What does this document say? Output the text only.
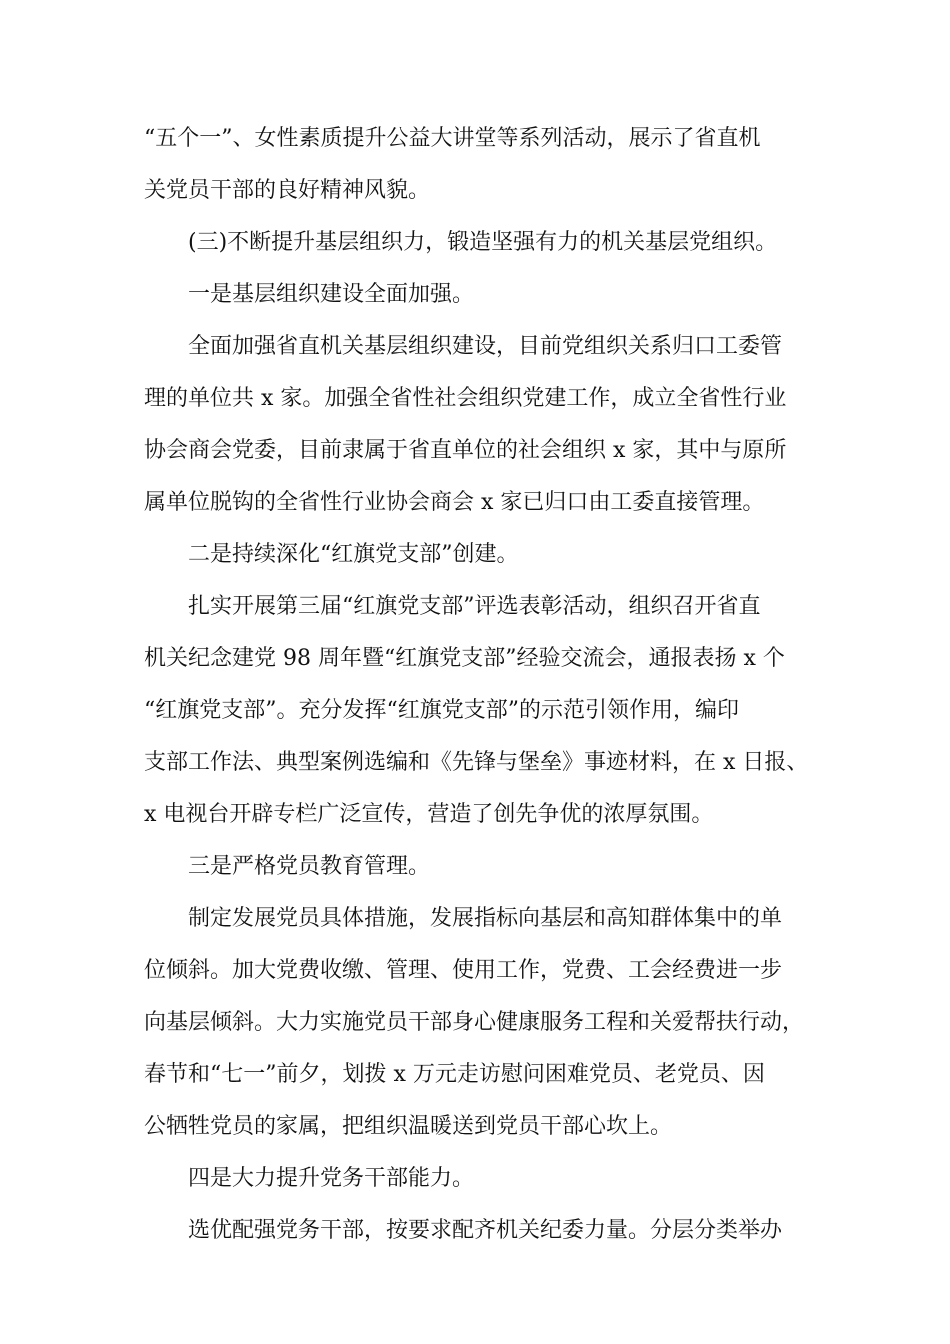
“五个一”、女性素质提升公益大讲堂等系列活动，展示了省直机
关党员干部的良好精神风貌。
　　(三)不断提升基层组织力，锻造坚强有力的机关基层党组织。
　　一是基层组织建设全面加强。
　　全面加强省直机关基层组织建设，目前党组织关系归口工委管
理的单位共 x 家。加强全省性社会组织党建工作，成立全省性行业
协会商会党委，目前隶属于省直单位的社会组织 x 家，其中与原所
属单位脱钩的全省性行业协会商会 x 家已归口由工委直接管理。
　　二是持续深化“红旗党支部”创建。
　　扎实开展第三届“红旗党支部”评选表彰活动，组织召开省直
机关纪念建党 98 周年暨“红旗党支部”经验交流会，通报表扬 x 个
“红旗党支部”。充分发挥“红旗党支部”的示范引领作用，编印
支部工作法、典型案例选编和《先锋与堡垒》事迹材料，在 x 日报、
x 电视台开辟专栏广泛宣传，营造了创先争优的浓厚氛围。
　　三是严格党员教育管理。
　　制定发展党员具体措施，发展指标向基层和高知群体集中的单
位倾斜。加大党费收缴、管理、使用工作，党费、工会经费进一步
向基层倾斜。大力实施党员干部身心健康服务工程和关爱帮扶行动，
春节和“七一”前夕，划拨 x 万元走访慰问困难党员、老党员、因
公牺牲党员的家属，把组织温暖送到党员干部心坎上。
　　四是大力提升党务干部能力。
　　选优配强党务干部，按要求配齐机关纪委力量。分层分类举办
